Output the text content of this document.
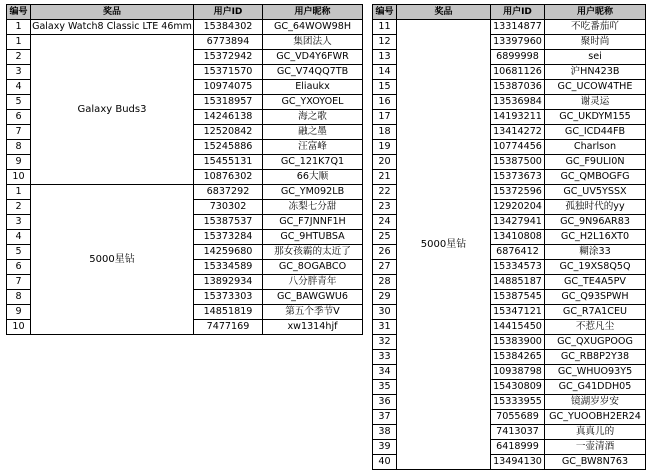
编号	奖品	用户ID	用户昵称
1	Galaxy Watch8 Classic LTE 46mm	15384302	GC_64WOW98H
1	Galaxy Buds3	6773894	集团法人
2		15372942	GC_VD4Y6FWR
3		15371570	GC_V74QQ7TB
4		10974075	Eliaukx
5		15318957	GC_YXOYOEL
6		14246138	海之歌
7		12520842	融之墨
8		15245886	汪富峰
9		15455131	GC_121K7Q1
10		10876302	66大顺
1	5000星钻	6837292	GC_YM092LB
2		730302	冻梨七分甜
3		15387537	GC_F7JNNF1H
4		15373284	GC_9HTUBSA
5		14259680	那女孩霸的太近了
6		15334589	GC_8OGABCO
7		13892934	八分胖青年
8		15373303	GC_BAWGWU6
9		14851819	第五个季节V
10		7477169	xw1314hjf
编号	奖品	用户ID	用户昵称
11	5000星钻	13314877	不吃番茄吖
12		13397960	聚时尚
13		6899998	sei
14		10681126	沪HN423B
15		15387036	GC_UCOW4THE
16		13536984	谢灵运
17		14193211	GC_UKDYM155
18		13414272	GC_ICD44FB
19		10774456	Charlson
20		15387500	GC_F9ULI0N
21		15373673	GC_QMBOGFG
22		15372596	GC_UV5YSSX
23		12920204	孤独时代的yy
24		13427941	GC_9N96AR83
25		13410808	GC_H2L16XT0
26		6876412	糊涂33
27		15334573	GC_19XS8Q5Q
28		14885187	GC_TE4A5PV
29		15387545	GC_Q93SPWH
30		15347121	GC_R7A1CEU
31		14415450	不惹凡尘
32		15383900	GC_QXUGPOOG
33		15384265	GC_RB8P2Y38
34		10938798	GC_WHUO93Y5
35		15430809	GC_G41DDH05
36		15333955	镜湖岁岁安
37		7055689	GC_YUOOBH2ER24
38		7413037	真真儿的
39		6418999	一壶清酒
40		13494130	GC_BW8N763
